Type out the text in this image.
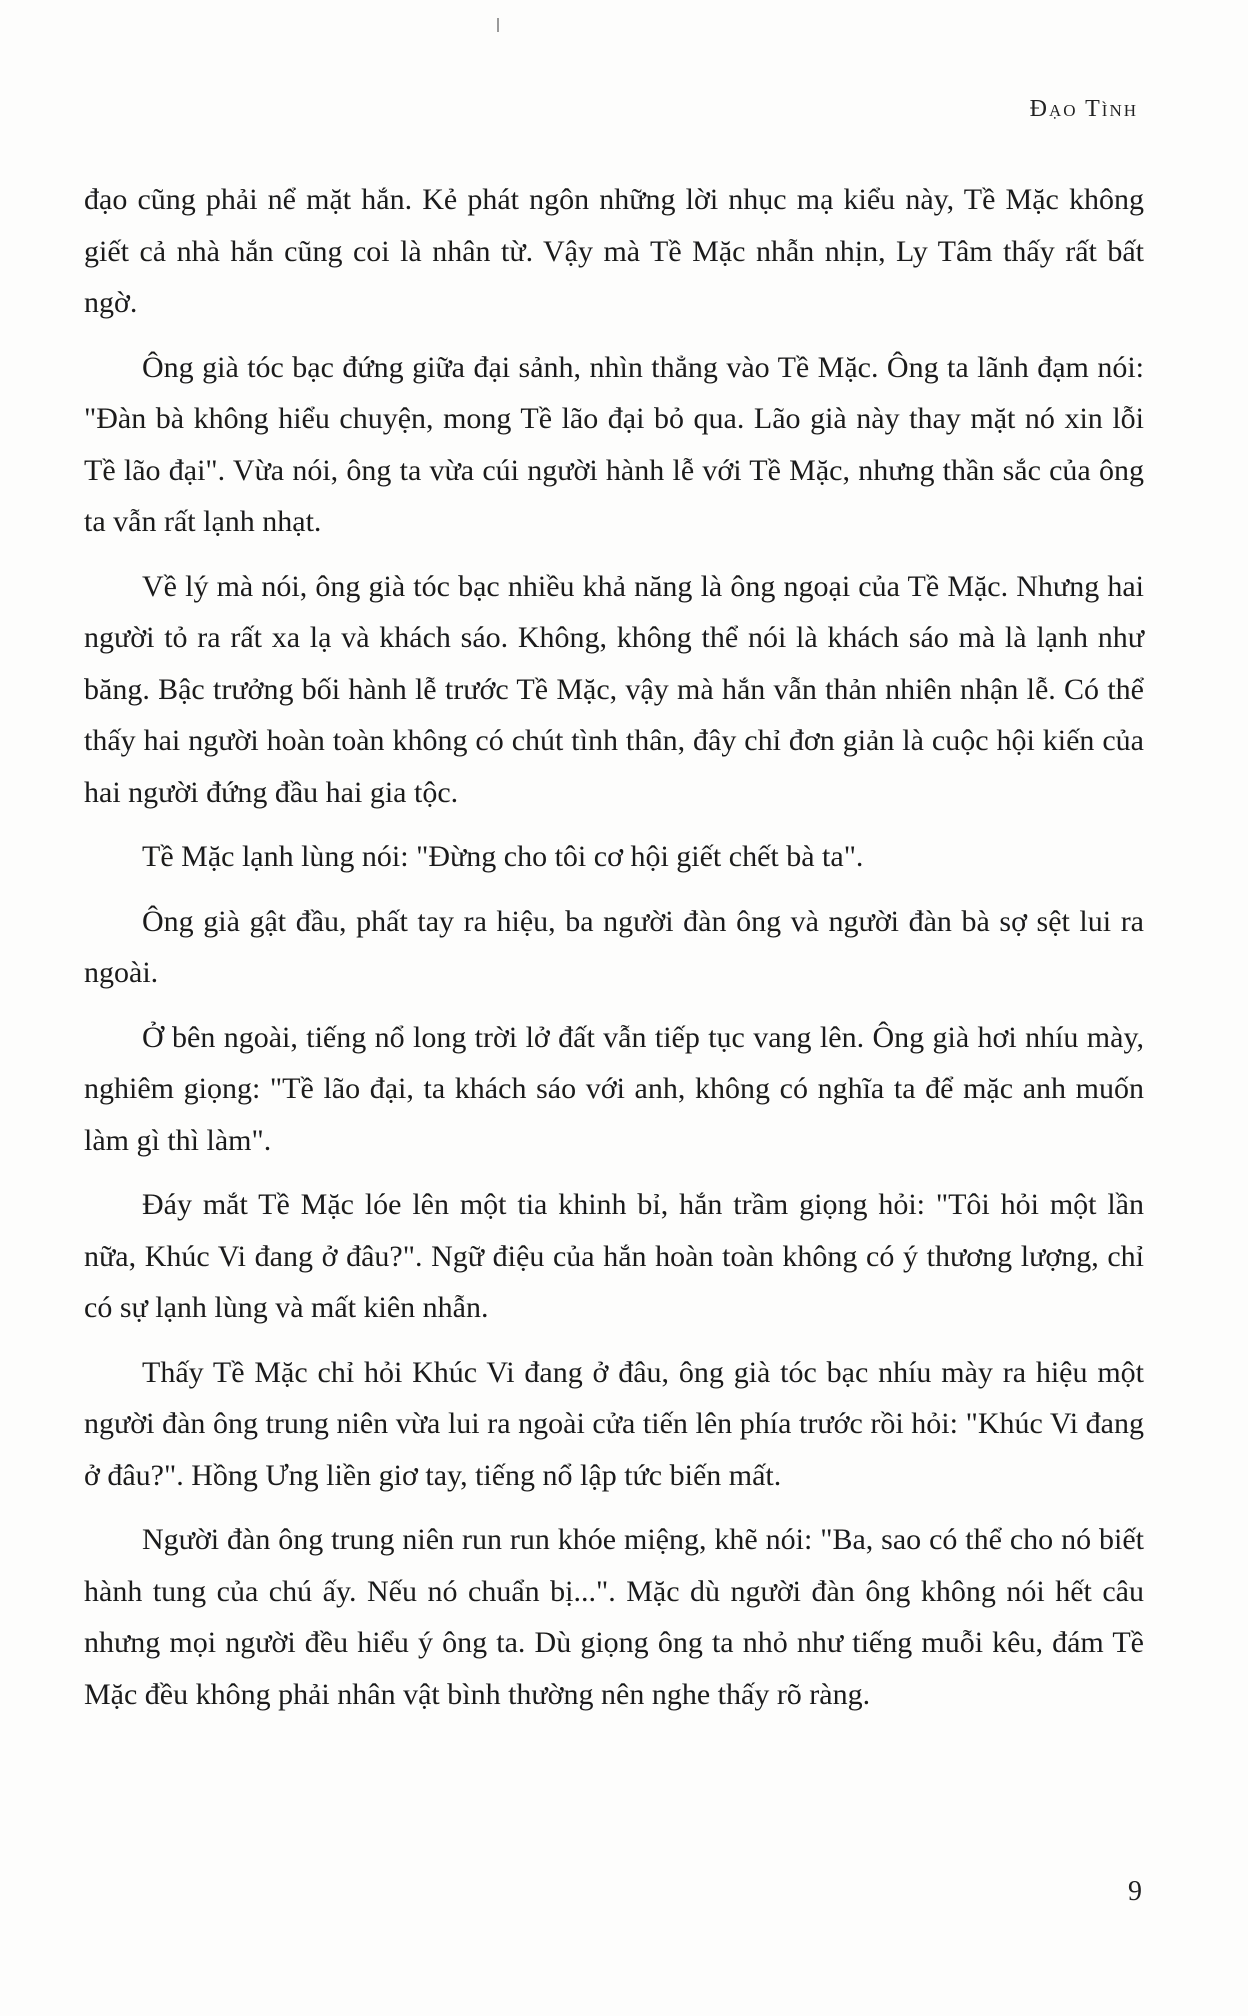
Đạo Tình

đạo cũng phải nể mặt hắn. Kẻ phát ngôn những lời nhục mạ kiểu này, Tề Mặc không giết cả nhà hắn cũng coi là nhân từ. Vậy mà Tề Mặc nhẫn nhịn, Ly Tâm thấy rất bất ngờ.

Ông già tóc bạc đứng giữa đại sảnh, nhìn thẳng vào Tề Mặc. Ông ta lãnh đạm nói: "Đàn bà không hiểu chuyện, mong Tề lão đại bỏ qua. Lão già này thay mặt nó xin lỗi Tề lão đại". Vừa nói, ông ta vừa cúi người hành lễ với Tề Mặc, nhưng thần sắc của ông ta vẫn rất lạnh nhạt.

Về lý mà nói, ông già tóc bạc nhiều khả năng là ông ngoại của Tề Mặc. Nhưng hai người tỏ ra rất xa lạ và khách sáo. Không, không thể nói là khách sáo mà là lạnh như băng. Bậc trưởng bối hành lễ trước Tề Mặc, vậy mà hắn vẫn thản nhiên nhận lễ. Có thể thấy hai người hoàn toàn không có chút tình thân, đây chỉ đơn giản là cuộc hội kiến của hai người đứng đầu hai gia tộc.

Tề Mặc lạnh lùng nói: "Đừng cho tôi cơ hội giết chết bà ta".

Ông già gật đầu, phất tay ra hiệu, ba người đàn ông và người đàn bà sợ sệt lui ra ngoài.

Ở bên ngoài, tiếng nổ long trời lở đất vẫn tiếp tục vang lên. Ông già hơi nhíu mày, nghiêm giọng: "Tề lão đại, ta khách sáo với anh, không có nghĩa ta để mặc anh muốn làm gì thì làm".

Đáy mắt Tề Mặc lóe lên một tia khinh bỉ, hắn trầm giọng hỏi: "Tôi hỏi một lần nữa, Khúc Vi đang ở đâu?". Ngữ điệu của hắn hoàn toàn không có ý thương lượng, chỉ có sự lạnh lùng và mất kiên nhẫn.

Thấy Tề Mặc chỉ hỏi Khúc Vi đang ở đâu, ông già tóc bạc nhíu mày ra hiệu một người đàn ông trung niên vừa lui ra ngoài cửa tiến lên phía trước rồi hỏi: "Khúc Vi đang ở đâu?". Hồng Ưng liền giơ tay, tiếng nổ lập tức biến mất.

Người đàn ông trung niên run run khóe miệng, khẽ nói: "Ba, sao có thể cho nó biết hành tung của chú ấy. Nếu nó chuẩn bị...". Mặc dù người đàn ông không nói hết câu nhưng mọi người đều hiểu ý ông ta. Dù giọng ông ta nhỏ như tiếng muỗi kêu, đám Tề Mặc đều không phải nhân vật bình thường nên nghe thấy rõ ràng.

9
